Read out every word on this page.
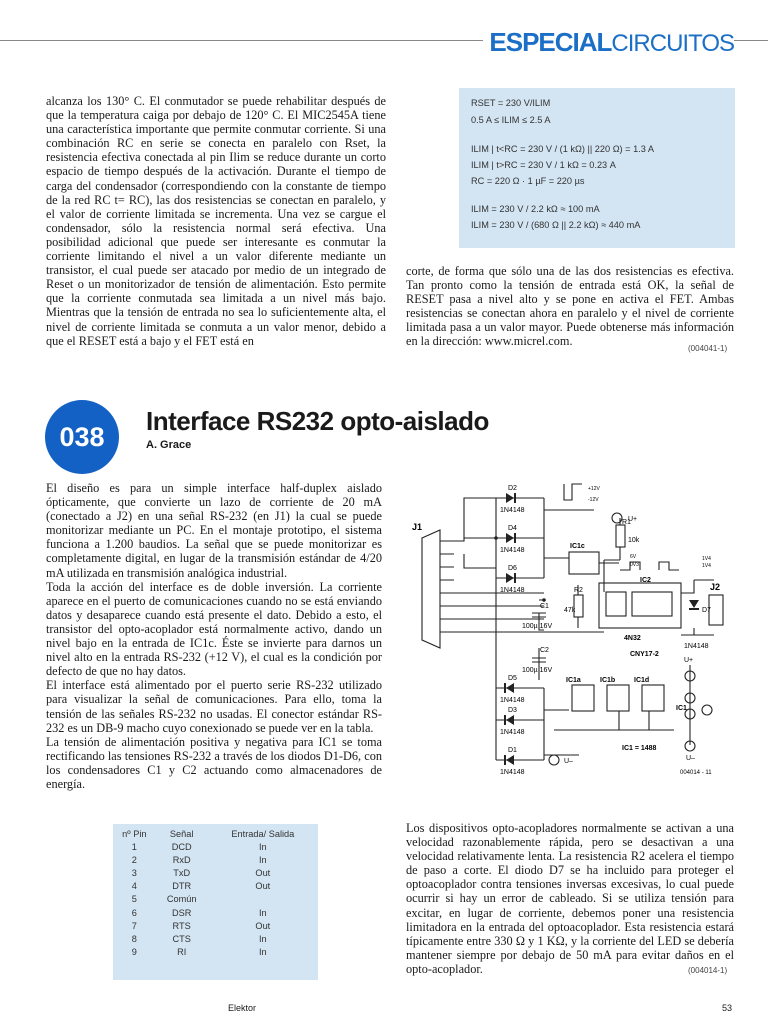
ESPECIALCIRCUITOS
alcanza los 130° C. El conmutador se puede rehabilitar después de que la temperatura caiga por debajo de 120° C. El MIC2545A tiene una característica importante que permite conmutar corriente. Si una combinación RC en serie se conecta en paralelo con Rset, la resistencia efectiva conectada al pin Ilim se reduce durante un corto espacio de tiempo después de la activación. Durante el tiempo de carga del condensador (correspondiendo con la constante de tiempo de la red RC t= RC), las dos resistencias se conectan en paralelo, y el valor de corriente limitada se incrementa. Una vez se cargue el condensador, sólo la resistencia normal será efectiva. Una posibilidad adicional que puede ser interesante es conmutar la corriente limitando el nivel a un valor diferente mediante un transistor, el cual puede ser atacado por medio de un integrado de Reset o un monitorizador de tensión de alimentación. Esto permite que la corriente conmutada sea limitada a un nivel más bajo. Mientras que la tensión de entrada no sea lo suficientemente alta, el nivel de corriente limitada se conmuta a un valor menor, debido a que el RESET está a bajo y el FET está en
RSET = 230 V/ILIM
0.5 A ≤ ILIM ≤ 2.5 A
ILIM | t<RC = 230 V / (1 kΩ) || 220 Ω) = 1.3 A
ILIM | t>RC = 230 V / 1 kΩ = 0.23 A
RC = 220 Ω · 1 µF = 220 µs
ILIM = 230 V / 2.2 kΩ ≈ 100 mA
ILIM = 230 V / (680 Ω || 2.2 kΩ) ≈ 440 mA
corte, de forma que sólo una de las dos resistencias es efectiva. Tan pronto como la tensión de entrada está OK, la señal de RESET pasa a nivel alto y se pone en activa el FET. Ambas resistencias se conectan ahora en paralelo y el nivel de corriente limitada pasa a un valor mayor. Puede obtenerse más información en la dirección: www.micrel.com.
(004041-1)
038
Interface RS232 opto-aislado
A. Grace

El diseño es para un simple interface half-duplex aislado ópticamente, que convierte un lazo de corriente de 20 mA (conectado a J2) en una señal RS-232 (en J1) la cual se puede monitorizar mediante un PC. En el montaje prototipo, el sistema funciona a 1.200 baudios. La señal que se puede monitorizar es completamente digital, en lugar de la transmisión estándar de 4/20 mA utilizada en transmisión analógica industrial.

Toda la acción del interface es de doble inversión. La corriente aparece en el puerto de comunicaciones cuando no se está enviando datos y desaparece cuando está presente el dato. Debido a esto, el transistor del opto-acoplador está normalmente activo, dando un nivel bajo en la entrada de IC1c. Éste se invierte para darnos un nivel alto en la entrada RS-232 (+12 V), el cual es la condición por defecto de que no hay datos.

El interface está alimentado por el puerto serie RS-232 utilizado para visualizar la señal de comunicaciones. Para ello, toma la tensión de las señales RS-232 no usadas. El conector estándar RS-232 es un DB-9 macho cuyo conexionado se puede ver en la tabla.

La tensión de alimentación positiva y negativa para IC1 se toma rectificando las tensiones RS-232 a través de los diodos D1-D6, con los condensadores C1 y C2 actuando como almacenadores de energía.

J1
J2
D2
1N4148
D4
1N4148
D6
1N4148
D5
1N4148
D3
1N4148
D1
1N4148
D7
1N4148
R1
10k
R2
47k
C1
100µ 16V
C2
100µ 16V
IC1c
IC2
4N32
CNY17-2
IC1a	IC1b	IC1d
U+
U+
U–	U–
IC1
IC1 = 1488
+12V
-12V
6V
0V3
1V4
1V4
004014 - 11
nº Pin	Señal	Entrada/ Salida
1	DCD	In
2	RxD	In
3	TxD	Out
4	DTR	Out
5	Común	
6	DSR	In
7	RTS	Out
8	CTS	In
9	RI	In
Los dispositivos opto-acopladores normalmente se activan a una velocidad razonablemente rápida, pero se desactivan a una velocidad relativamente lenta. La resistencia R2 acelera el tiempo de paso a corte. El diodo D7 se ha incluido para proteger el optoacoplador contra tensiones inversas excesivas, lo cual puede ocurrir si hay un error de cableado. Si se utiliza tensión para excitar, en lugar de corriente, debemos poner una resistencia limitadora en la entrada del optoacoplador. Esta resistencia estará típicamente entre 330 Ω y 1 KΩ, y la corriente del LED se debería mantener siempre por debajo de 50 mA para evitar daños en el opto-acoplador.	(004014-1)
Elektor	53
